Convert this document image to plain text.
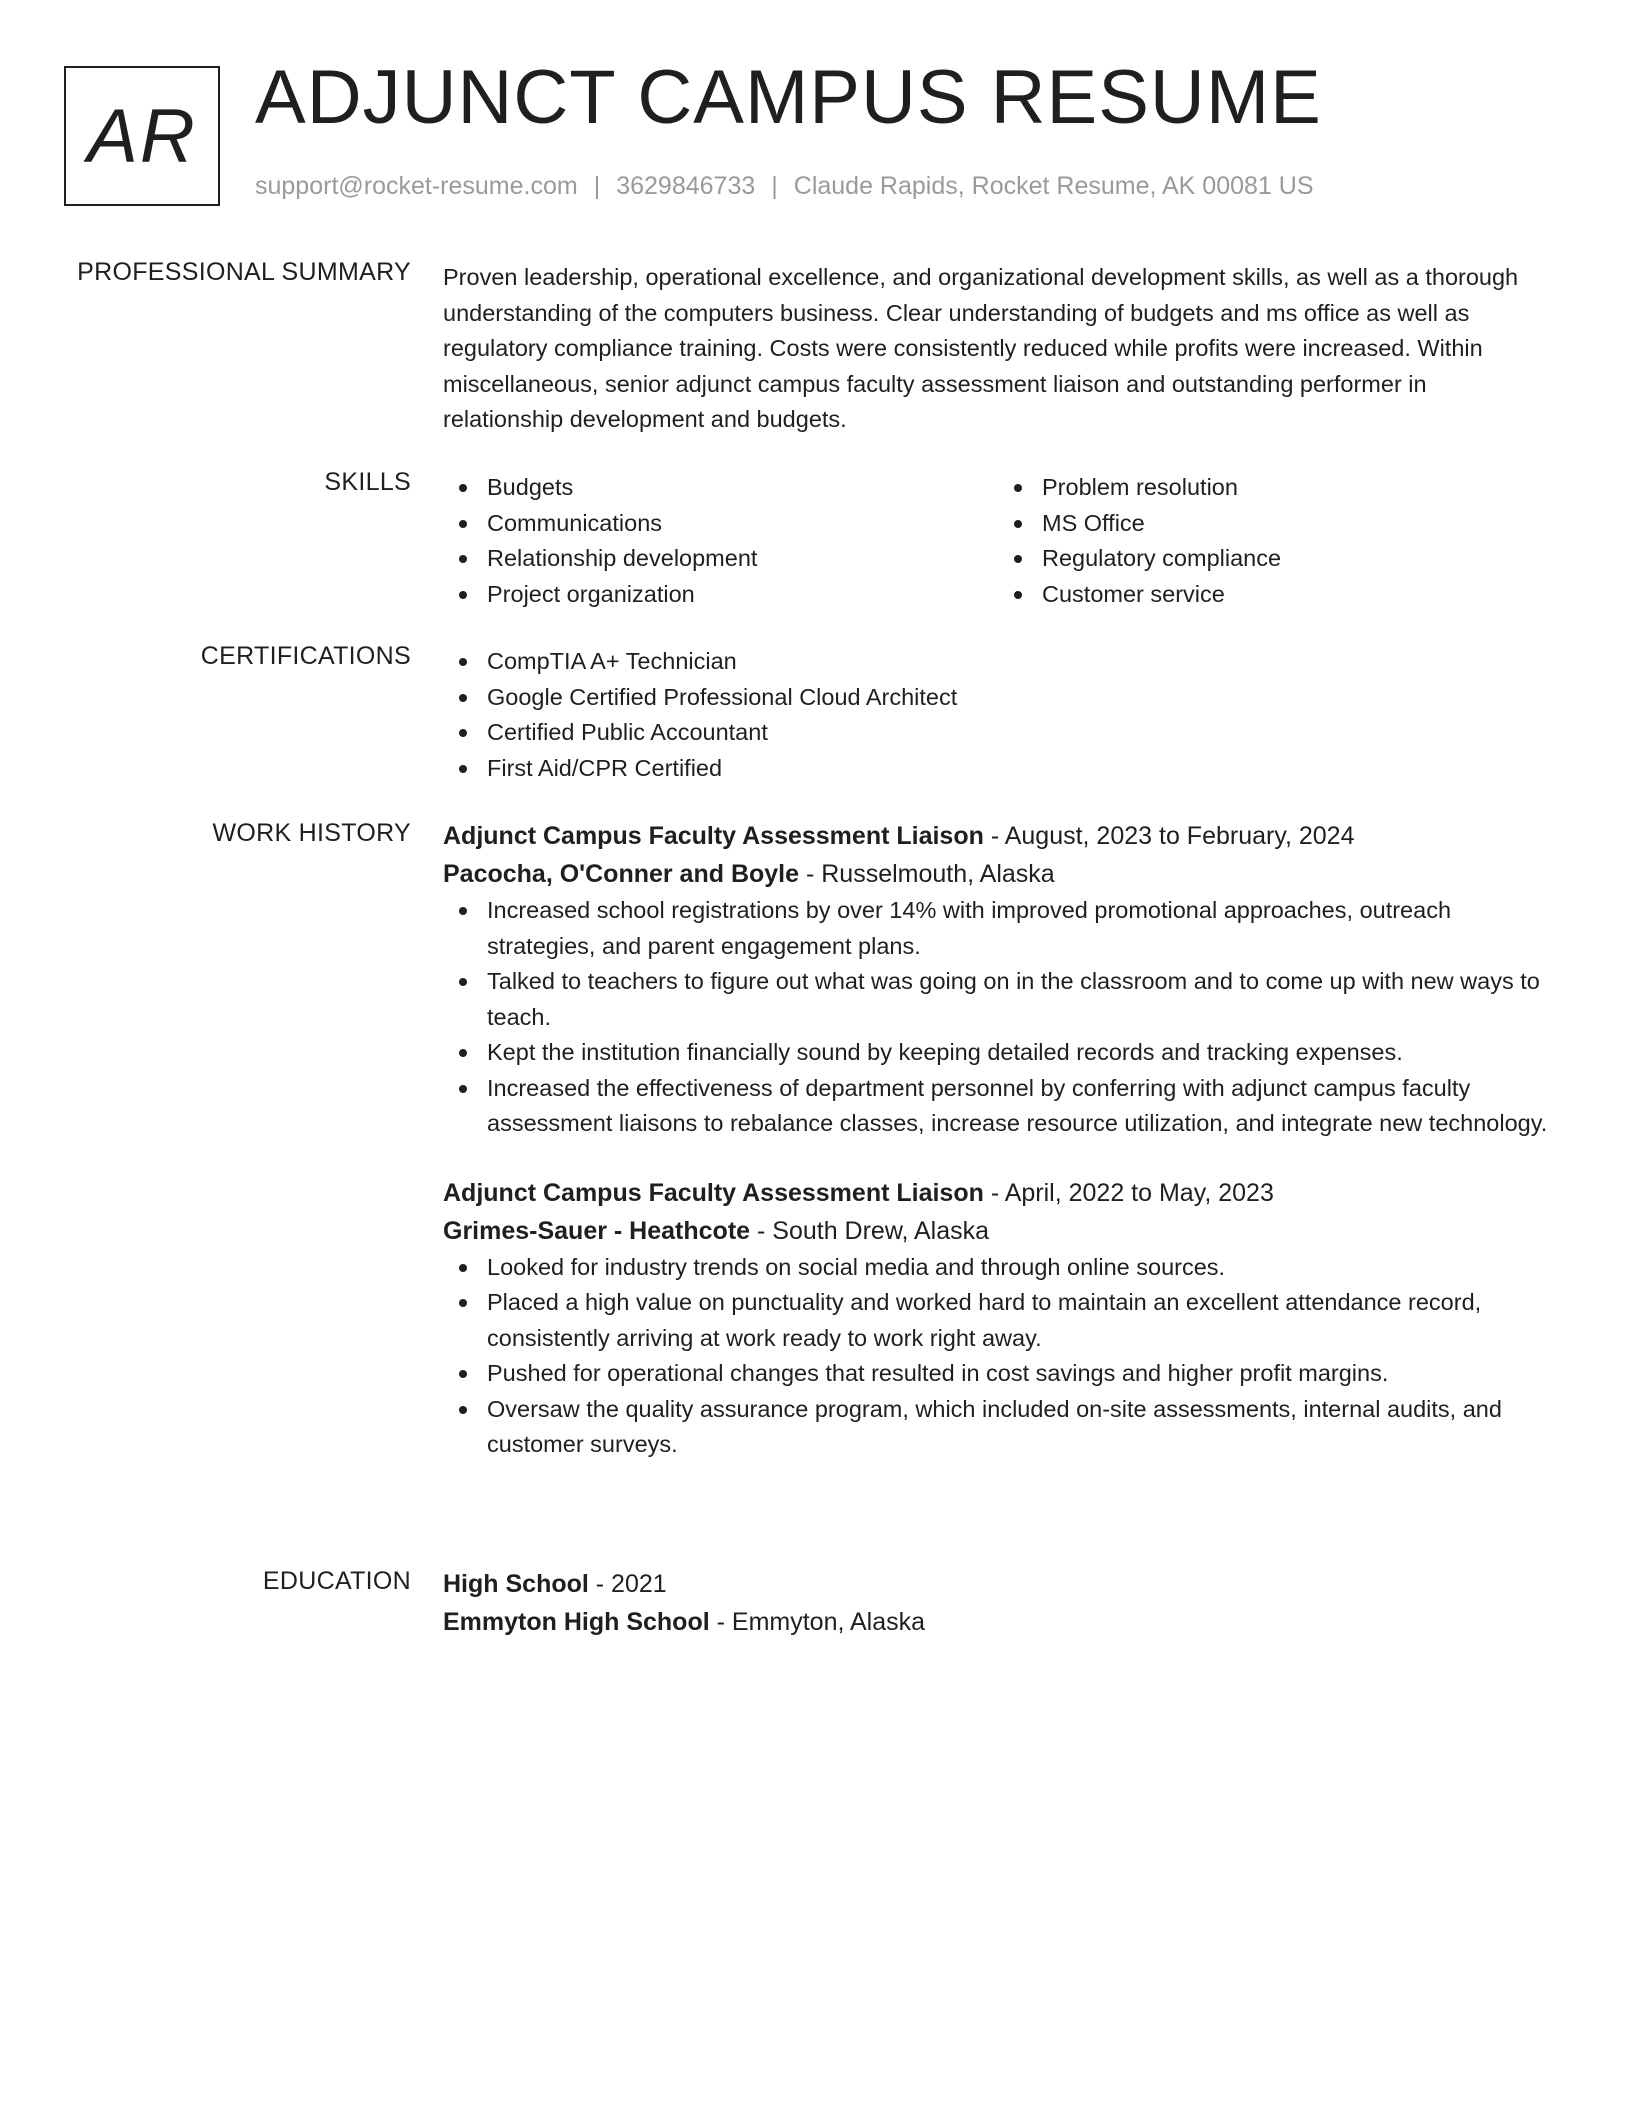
AR ADJUNCT CAMPUS RESUME
support@rocket-resume.com | 3629846733 | Claude Rapids, Rocket Resume, AK 00081 US
PROFESSIONAL SUMMARY Proven leadership, operational excellence, and organizational development skills, as well as a thorough understanding of the computers business. Clear understanding of budgets and ms office as well as regulatory compliance training. Costs were consistently reduced while profits were increased. Within miscellaneous, senior adjunct campus faculty assessment liaison and outstanding performer in relationship development and budgets.

SKILLS	Budgets
Communications
Relationship development
Project organization
Problem resolution
MS Office
Regulatory compliance
Customer service
CERTIFICATIONS	CompTIA A+ Technician
Google Certified Professional Cloud Architect
Certified Public Accountant
First Aid/CPR Certified
WORK HISTORY Adjunct Campus Faculty Assessment Liaison - August, 2023 to February, 2024
Pacocha, O'Conner and Boyle - Russelmouth, Alaska
Increased school registrations by over 14% with improved promotional approaches, outreach strategies, and parent engagement plans.
Talked to teachers to figure out what was going on in the classroom and to come up with new ways to teach.
Kept the institution financially sound by keeping detailed records and tracking expenses.
Increased the effectiveness of department personnel by conferring with adjunct campus faculty assessment liaisons to rebalance classes, increase resource utilization, and integrate new technology.
Adjunct Campus Faculty Assessment Liaison - April, 2022 to May, 2023
Grimes-Sauer - Heathcote - South Drew, Alaska
Looked for industry trends on social media and through online sources.
Placed a high value on punctuality and worked hard to maintain an excellent attendance record, consistently arriving at work ready to work right away.
Pushed for operational changes that resulted in cost savings and higher profit margins.
Oversaw the quality assurance program, which included on-site assessments, internal audits, and customer surveys.
EDUCATION High School - 2021
Emmyton High School - Emmyton, Alaska
